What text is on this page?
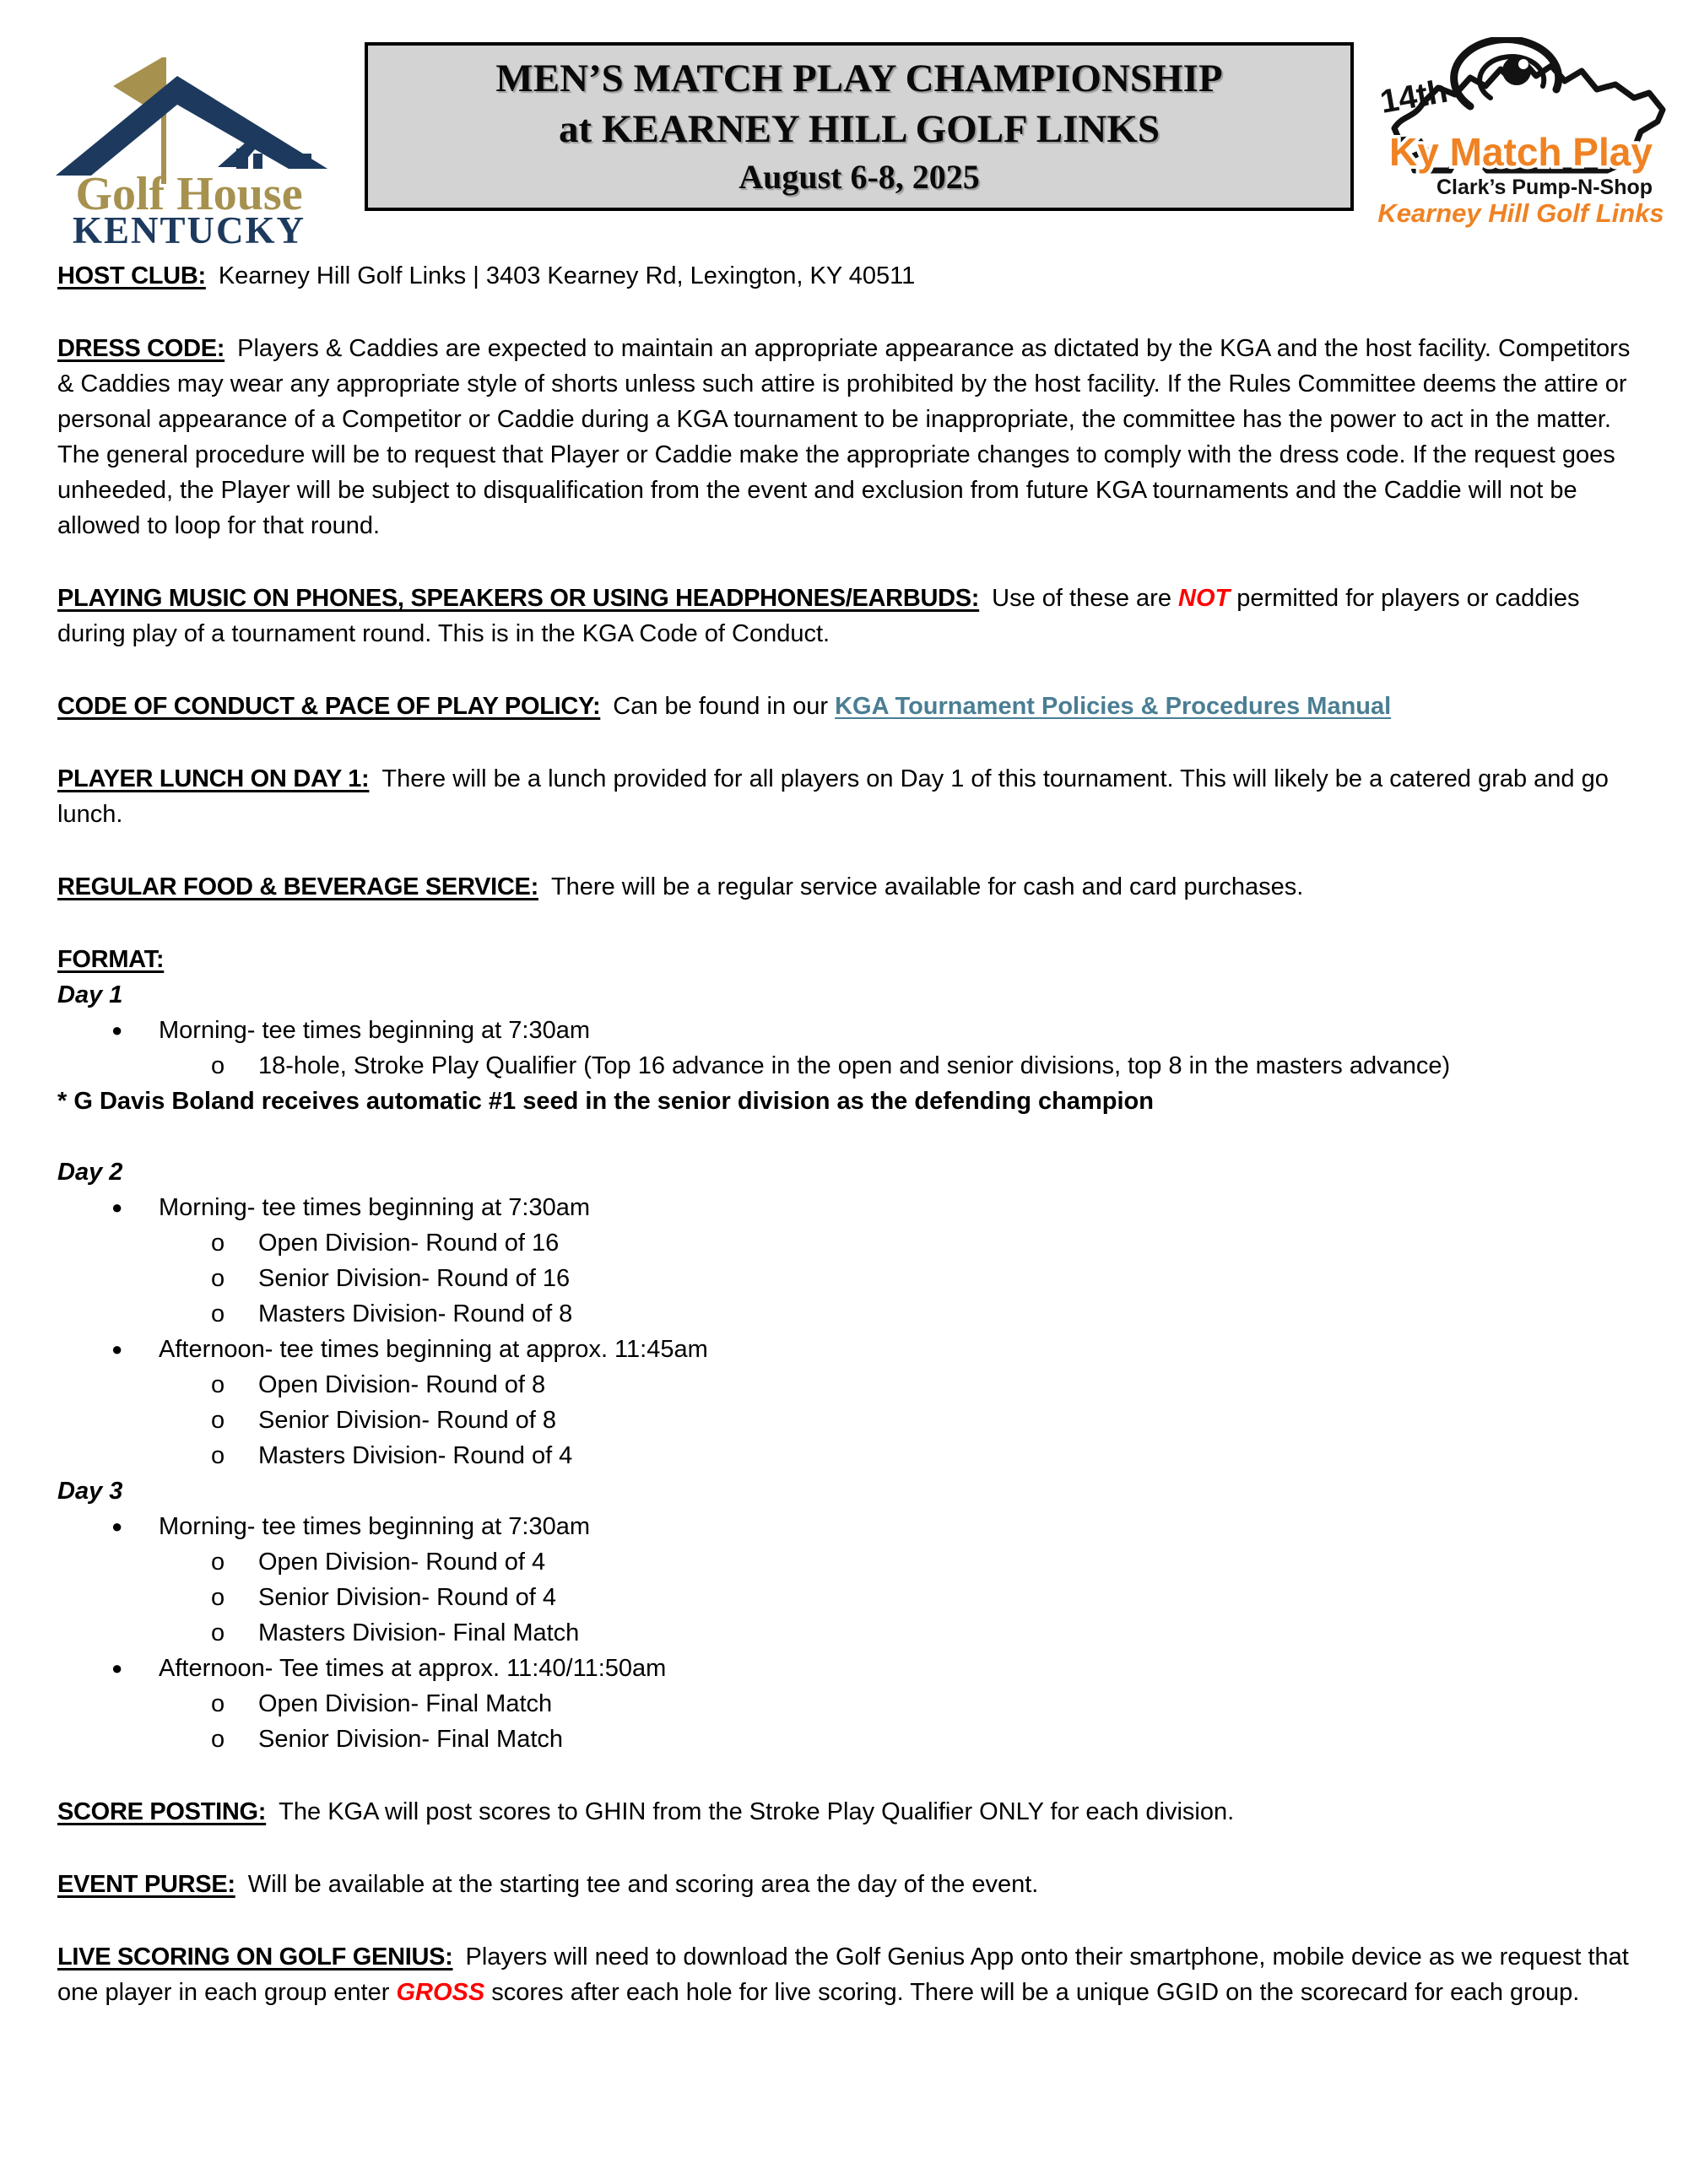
Golf House
KENTUCKY
MEN’S MATCH PLAY CHAMPIONSHIP
at KEARNEY HILL GOLF LINKS
August 6-8, 2025
14th
Ky Match Play
Clark’s Pump-N-Shop
Kearney Hill Golf Links

HOST CLUB: Kearney Hill Golf Links | 3403 Kearney Rd, Lexington, KY 40511

DRESS CODE: Players & Caddies are expected to maintain an appropriate appearance as dictated by the KGA and the host facility. Competitors & Caddies may wear any appropriate style of shorts unless such attire is prohibited by the host facility. If the Rules Committee deems the attire or personal appearance of a Competitor or Caddie during a KGA tournament to be inappropriate, the committee has the power to act in the matter. The general procedure will be to request that Player or Caddie make the appropriate changes to comply with the dress code. If the request goes unheeded, the Player will be subject to disqualification from the event and exclusion from future KGA tournaments and the Caddie will not be allowed to loop for that round.

PLAYING MUSIC ON PHONES, SPEAKERS OR USING HEADPHONES/EARBUDS: Use of these are NOT permitted for players or caddies during play of a tournament round. This is in the KGA Code of Conduct.

CODE OF CONDUCT & PACE OF PLAY POLICY: Can be found in our KGA Tournament Policies & Procedures Manual

PLAYER LUNCH ON DAY 1: There will be a lunch provided for all players on Day 1 of this tournament. This will likely be a catered grab and go lunch.

REGULAR FOOD & BEVERAGE SERVICE: There will be a regular service available for cash and card purchases.

FORMAT:
Day 1
●	Morning- tee times beginning at 7:30am
o	18-hole, Stroke Play Qualifier (Top 16 advance in the open and senior divisions, top 8 in the masters advance)
* G Davis Boland receives automatic #1 seed in the senior division as the defending champion
Day 2
●	Morning- tee times beginning at 7:30am
o	Open Division- Round of 16
o	Senior Division- Round of 16
o	Masters Division- Round of 8
●	Afternoon- tee times beginning at approx. 11:45am
o	Open Division- Round of 8
o	Senior Division- Round of 8
o	Masters Division- Round of 4
Day 3
●	Morning- tee times beginning at 7:30am
o	Open Division- Round of 4
o	Senior Division- Round of 4
o	Masters Division- Final Match
●	Afternoon- Tee times at approx. 11:40/11:50am
o	Open Division- Final Match
o	Senior Division- Final Match

SCORE POSTING: The KGA will post scores to GHIN from the Stroke Play Qualifier ONLY for each division.

EVENT PURSE: Will be available at the starting tee and scoring area the day of the event.

LIVE SCORING ON GOLF GENIUS: Players will need to download the Golf Genius App onto their smartphone, mobile device as we request that one player in each group enter GROSS scores after each hole for live scoring. There will be a unique GGID on the scorecard for each group.
